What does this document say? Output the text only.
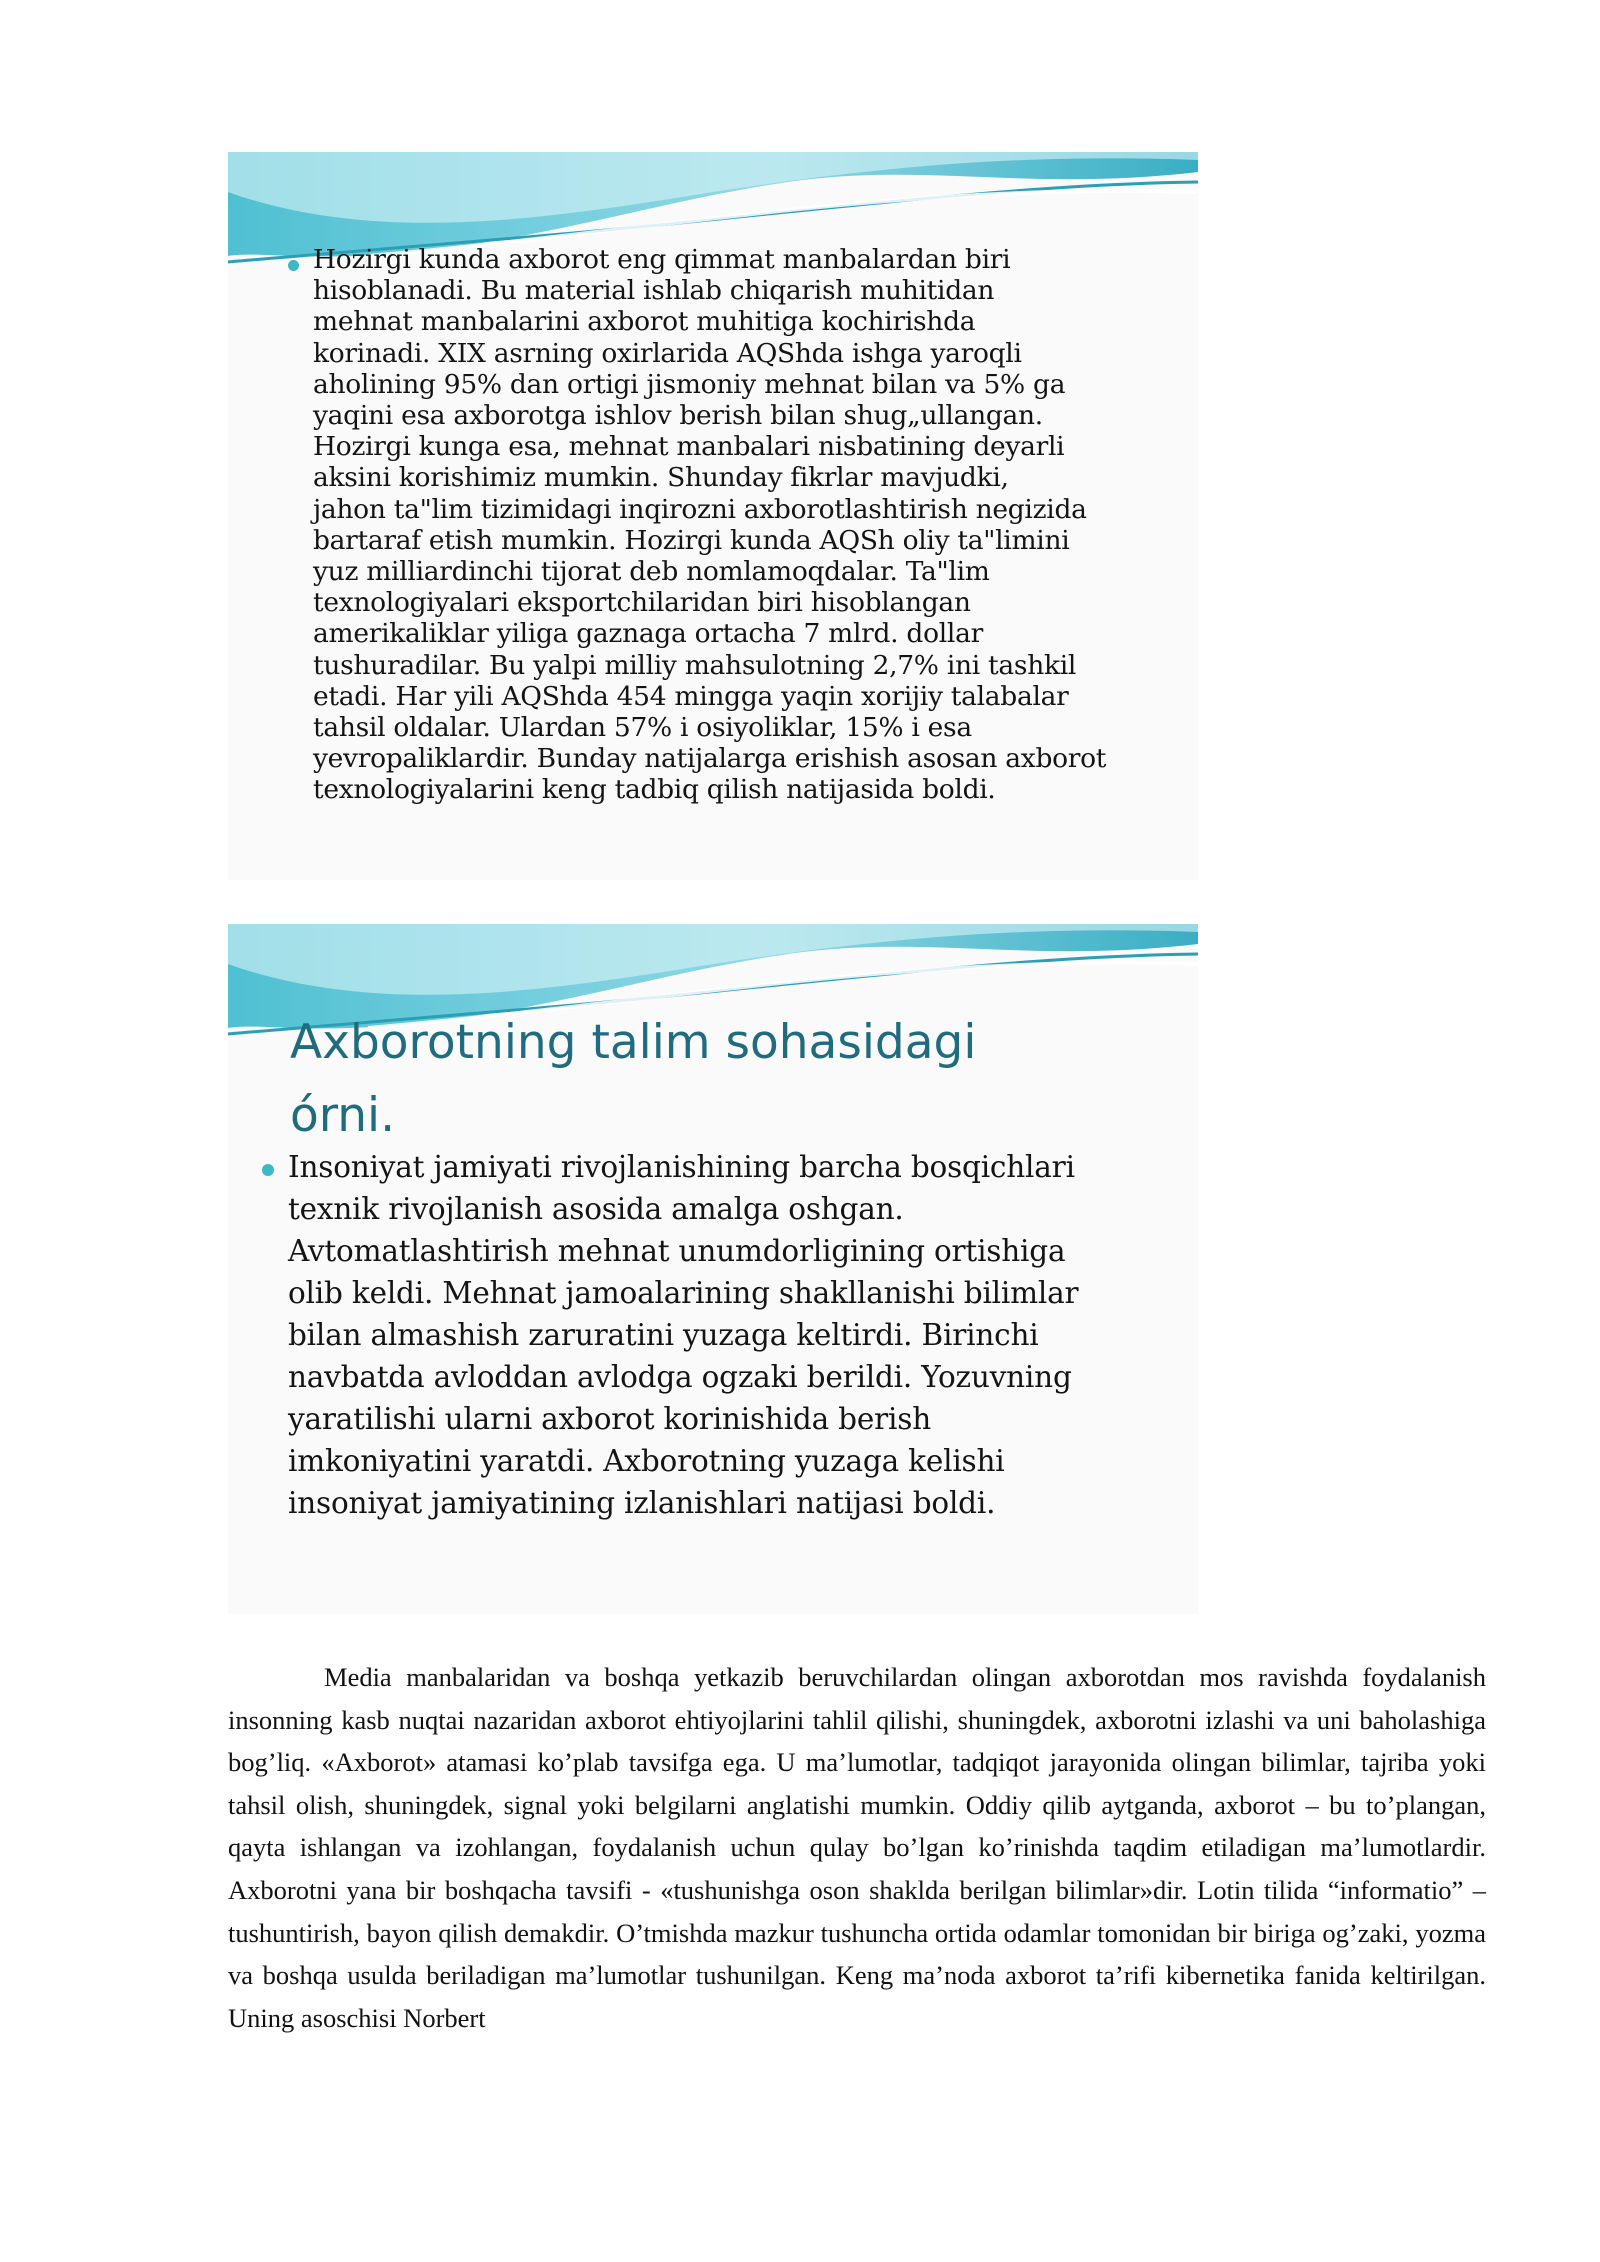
Hozirgi kunda axborot eng qimmat manbalardan biri
hisoblanadi. Bu material ishlab chiqarish muhitidan
mehnat manbalarini axborot muhitiga kochirishda
korinadi. XIX asrning oxirlarida AQShda ishga yaroqli
aholining 95% dan ortigi jismoniy mehnat bilan va 5% ga
yaqini esa axborotga ishlov berish bilan shug„ullangan.
Hozirgi kunga esa, mehnat manbalari nisbatining deyarli
aksini korishimiz mumkin. Shunday fikrlar mavjudki,
jahon ta"lim tizimidagi inqirozni axborotlashtirish negizida
bartaraf etish mumkin. Hozirgi kunda AQSh oliy ta"limini
yuz milliardinchi tijorat deb nomlamoqdalar. Ta"lim
texnologiyalari eksportchilaridan biri hisoblangan
amerikaliklar yiliga gaznaga ortacha 7 mlrd. dollar
tushuradilar. Bu yalpi milliy mahsulotning 2,7% ini tashkil
etadi. Har yili AQShda 454 mingga yaqin xorijiy talabalar
tahsil oldalar. Ulardan 57% i osiyoliklar, 15% i esa
yevropaliklardir. Bunday natijalarga erishish asosan axborot
texnologiyalarini keng tadbiq qilish natijasida boldi.

Axborotning talim sohasidagi
órni.

Insoniyat jamiyati rivojlanishining barcha bosqichlari
texnik rivojlanish asosida amalga oshgan.
Avtomatlashtirish mehnat unumdorligining ortishiga
olib keldi. Mehnat jamoalarining shakllanishi bilimlar
bilan almashish zaruratini yuzaga keltirdi. Birinchi
navbatda avloddan avlodga ogzaki berildi. Yozuvning
yaratilishi ularni axborot korinishida berish
imkoniyatini yaratdi. Axborotning yuzaga kelishi
insoniyat jamiyatining izlanishlari natijasi boldi.

Media manbalaridan va boshqa yetkazib beruvchilardan olingan axborotdan mos ravishda foydalanish insonning kasb nuqtai nazaridan axborot ehtiyojlarini tahlil qilishi, shuningdek, axborotni izlashi va uni baholashiga bog’liq. «Axborot» atamasi ko’plab tavsifga ega. U ma’lumotlar, tadqiqot jarayonida olingan bilimlar, tajriba yoki tahsil olish, shuningdek, signal yoki belgilarni anglatishi mumkin. Oddiy qilib aytganda, axborot – bu to’plangan, qayta ishlangan va izohlangan, foydalanish uchun qulay bo’lgan ko’rinishda taqdim etiladigan ma’lumotlardir. Axborotni yana bir boshqacha tavsifi - «tushunishga oson shaklda berilgan bilimlar»dir. Lotin tilida “informatio” – tushuntirish, bayon qilish demakdir. O’tmishda mazkur tushuncha ortida odamlar tomonidan bir biriga og’zaki, yozma va boshqa usulda beriladigan ma’lumotlar tushunilgan. Keng ma’noda axborot ta’rifi kibernetika fanida keltirilgan. Uning asoschisi Norbert
